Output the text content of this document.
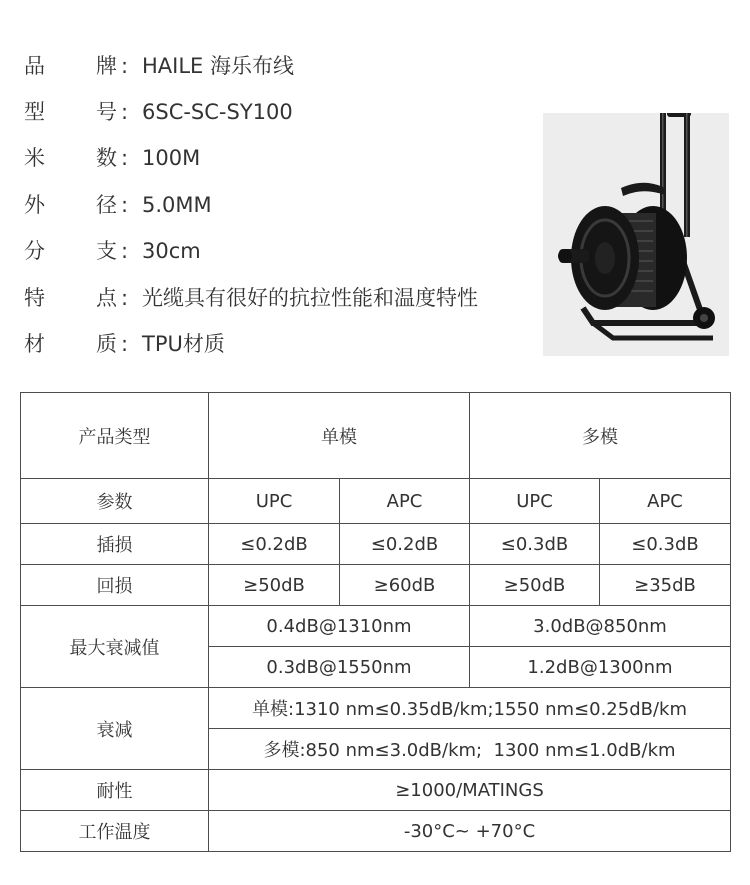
品 牌 : HAILE 海乐布线
型 号 : 6SC-SC-SY100
米 数 : 100M
外 径 : 5.0MM
分 支 : 30cm
特 点 : 光缆具有很好的抗拉性能和温度特性
材 质 : TPU材质
产品类型	单模		多模	
参数	UPC	APC	UPC	APC
插损	≤0.2dB	≤0.2dB	≤0.3dB	≤0.3dB
回损	≥50dB	≥60dB	≥50dB	≥35dB
最大衰减值	0.4dB@1310nm		3.0dB@850nm	
	0.3dB@1550nm		1.2dB@1300nm	
衰减	单模:1310 nm≤0.35dB/km;1550 nm≤0.25dB/km			
	多模:850 nm≤3.0dB/km;  1300 nm≤1.0dB/km			
耐性	≥1000/MATINGS			
工作温度	-30°C~ +70°C			
